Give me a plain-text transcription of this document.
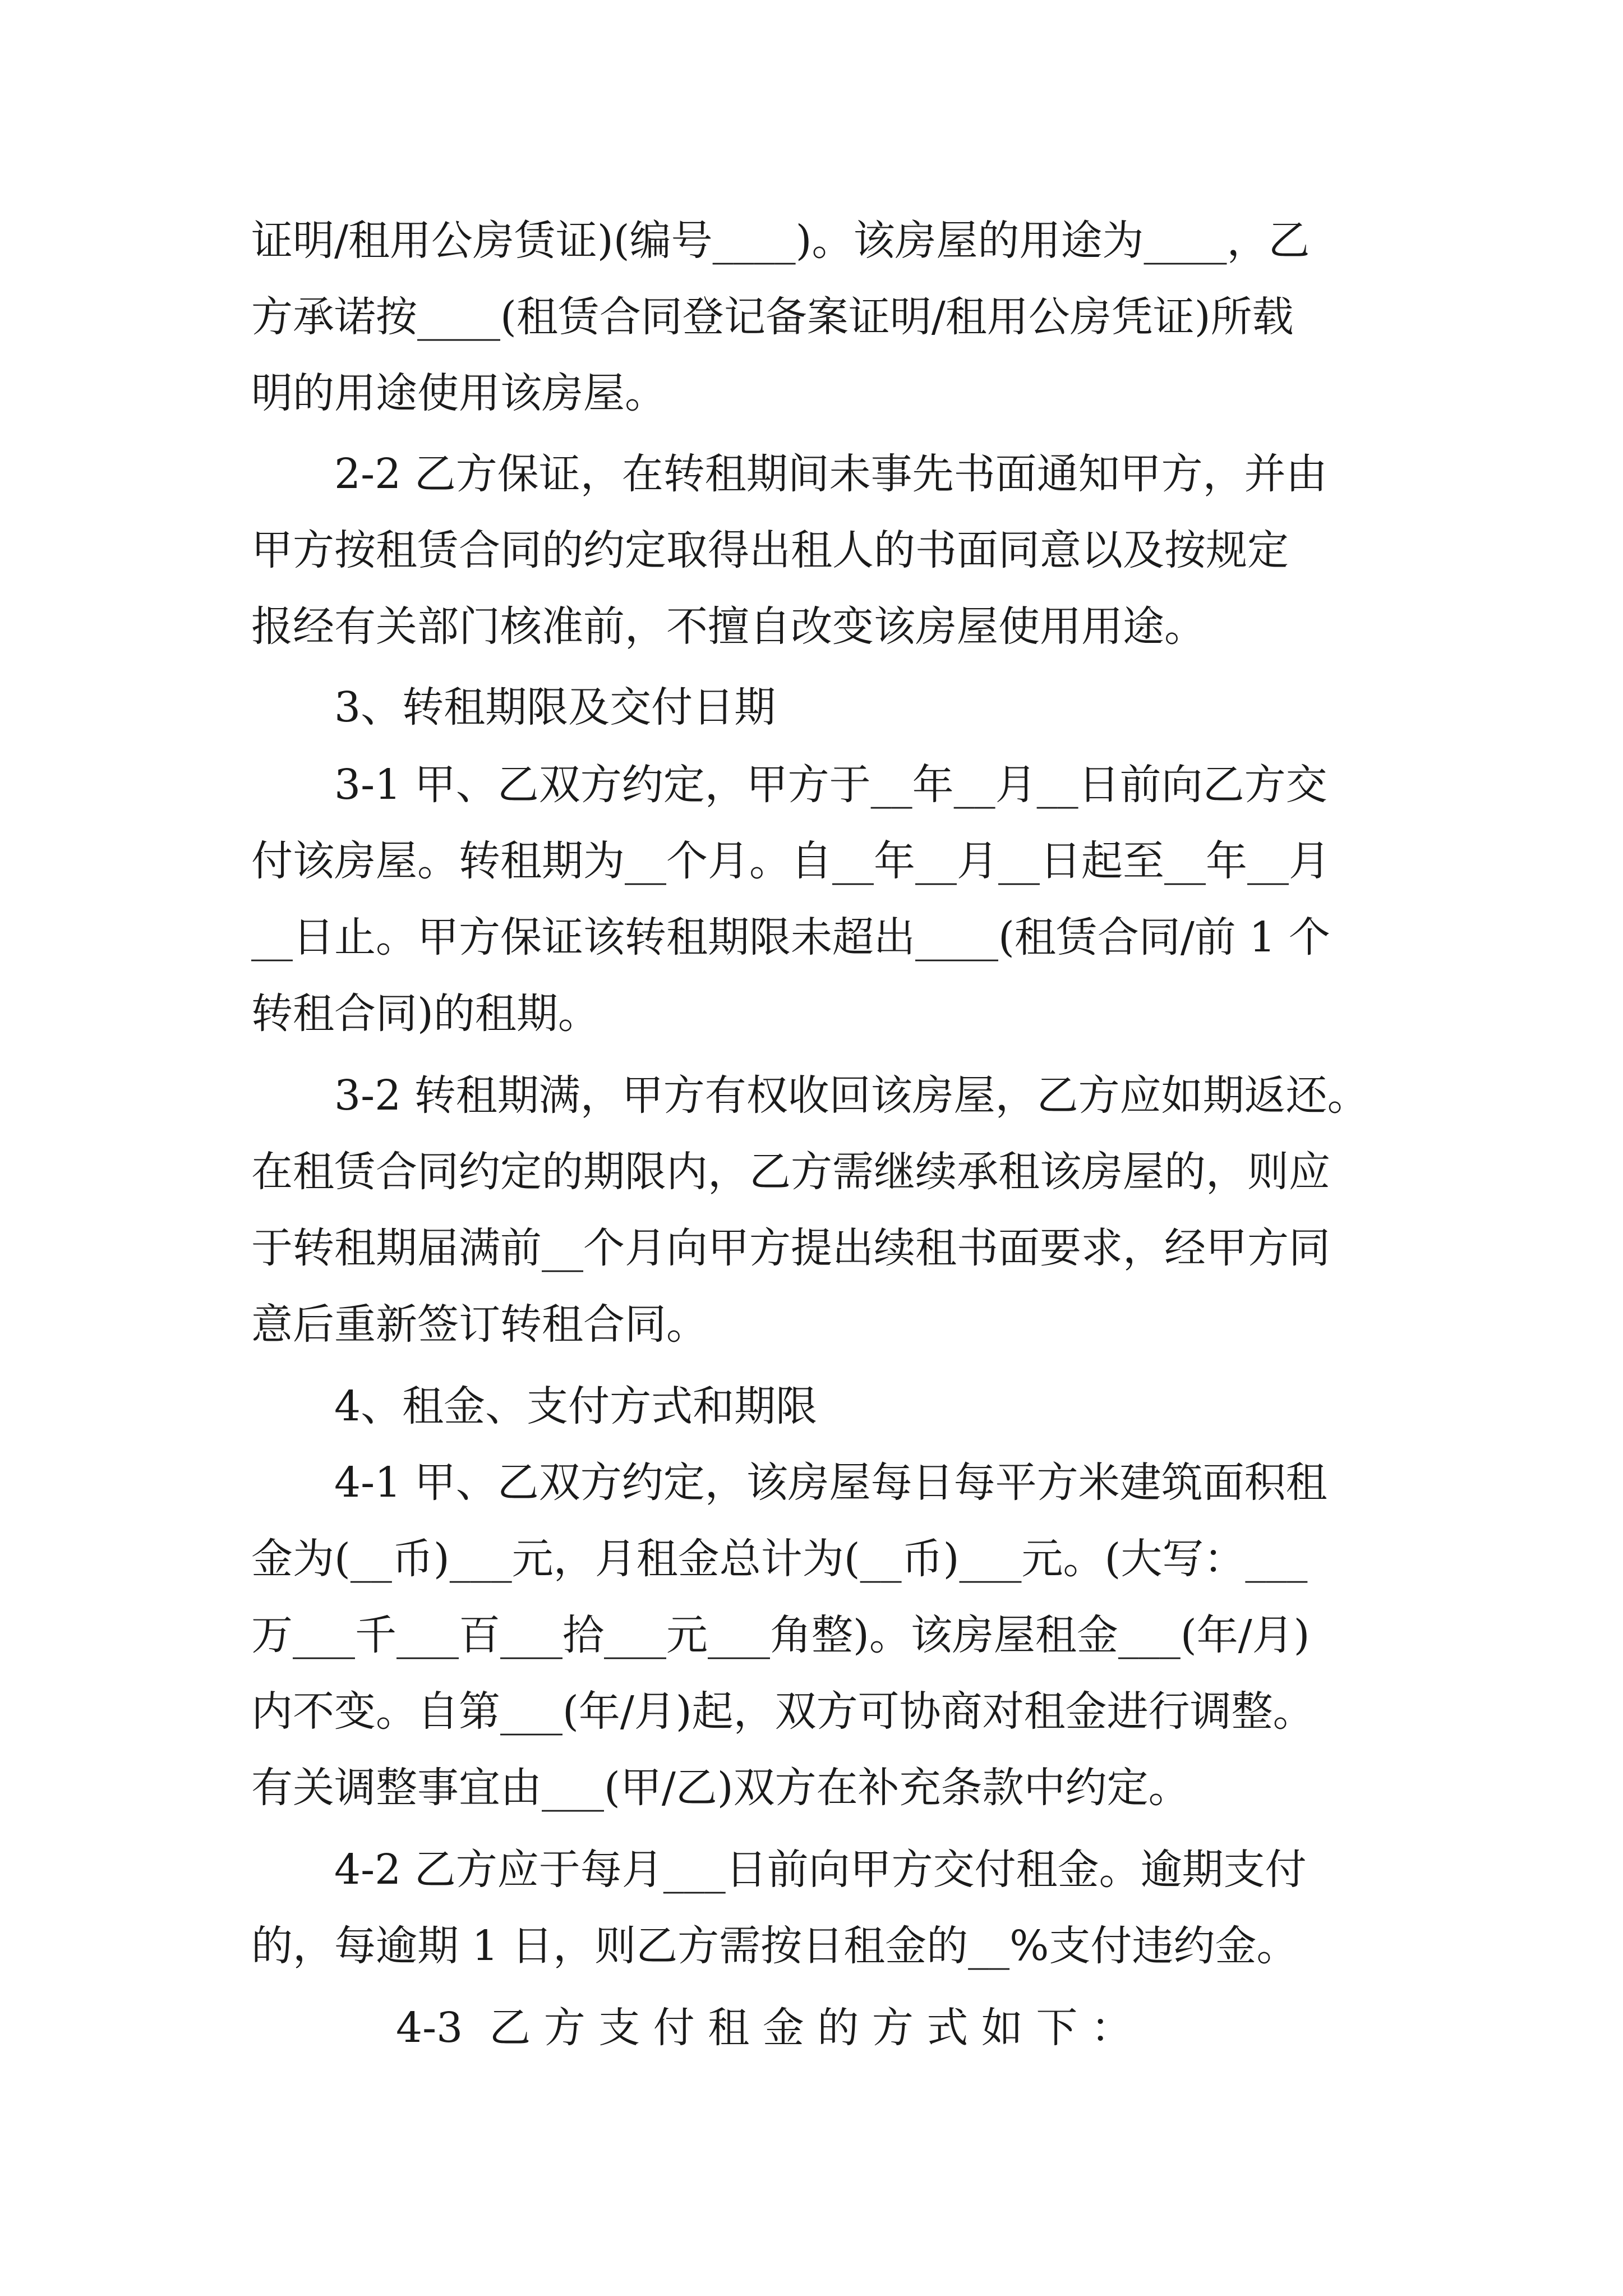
证明/租用公房赁证)(编号____)。该房屋的用途为____，乙

方承诺按____(租赁合同登记备案证明/租用公房凭证)所载

明的用途使用该房屋。

2-2 乙方保证，在转租期间未事先书面通知甲方，并由

甲方按租赁合同的约定取得出租人的书面同意以及按规定

报经有关部门核准前，不擅自改变该房屋使用用途。

3、转租期限及交付日期

3-1 甲、乙双方约定，甲方于__年__月__日前向乙方交

付该房屋。转租期为__个月。自__年__月__日起至__年__月

__日止。甲方保证该转租期限未超出____(租赁合同/前 1 个

转租合同)的租期。

3-2 转租期满，甲方有权收回该房屋，乙方应如期返还。

在租赁合同约定的期限内，乙方需继续承租该房屋的，则应

于转租期届满前__个月向甲方提出续租书面要求，经甲方同

意后重新签订转租合同。

4、租金、支付方式和期限

4-1 甲、乙双方约定，该房屋每日每平方米建筑面积租

金为(__币)___元，月租金总计为(__币)___元。(大写：___

万___千___百___拾___元___角整)。该房屋租金___(年/月)

内不变。自第___(年/月)起，双方可协商对租金进行调整。

有关调整事宜由___(甲/乙)双方在补充条款中约定。

4-2 乙方应于每月___日前向甲方交付租金。逾期支付

的，每逾期 1 日，则乙方需按日租金的__%支付违约金。

4-3  乙 方 支 付 租 金 的 方 式 如 下 ：
